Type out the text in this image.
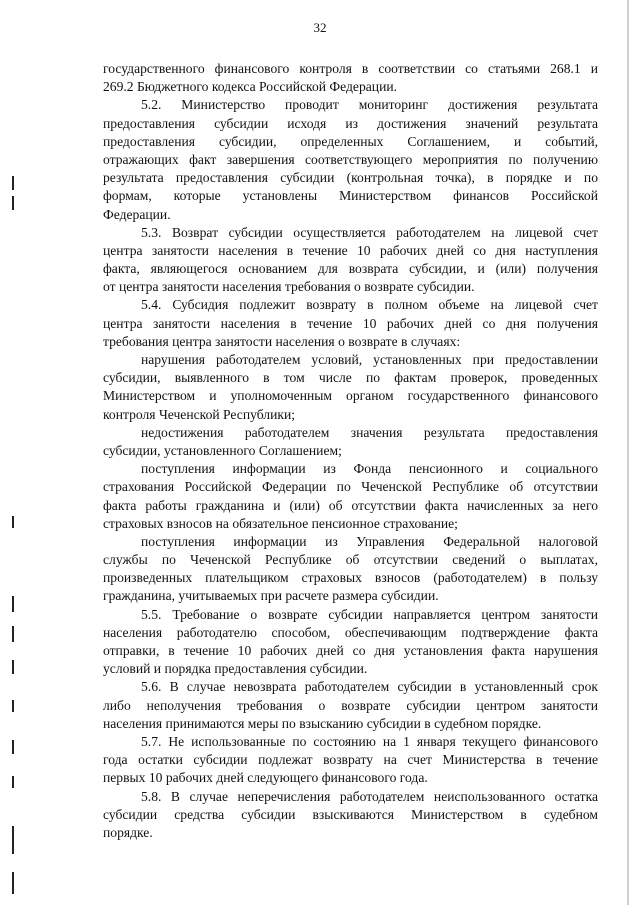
32
государственного финансового контроля в соответствии со статьями 268.1 и
269.2 Бюджетного кодекса Российской Федерации.
5.2. Министерство проводит мониторинг достижения результата
предоставления субсидии исходя из достижения значений результата
предоставления субсидии, определенных Соглашением, и событий,
отражающих факт завершения соответствующего мероприятия по получению
результата предоставления субсидии (контрольная точка), в порядке и по
формам, которые установлены Министерством финансов Российской
Федерации.
5.3. Возврат субсидии осуществляется работодателем на лицевой счет
центра занятости населения в течение 10 рабочих дней со дня наступления
факта, являющегося основанием для возврата субсидии, и (или) получения
от центра занятости населения требования о возврате субсидии.
5.4. Субсидия подлежит возврату в полном объеме на лицевой счет
центра занятости населения в течение 10 рабочих дней со дня получения
требования центра занятости населения о возврате в случаях:
нарушения работодателем условий, установленных при предоставлении
субсидии, выявленного в том числе по фактам проверок, проведенных
Министерством и уполномоченным органом государственного финансового
контроля Чеченской Республики;
недостижения работодателем значения результата предоставления
субсидии, установленного Соглашением;
поступления информации из Фонда пенсионного и социального
страхования Российской Федерации по Чеченской Республике об отсутствии
факта работы гражданина и (или) об отсутствии факта начисленных за него
страховых взносов на обязательное пенсионное страхование;
поступления информации из Управления Федеральной налоговой
службы по Чеченской Республике об отсутствии сведений о выплатах,
произведенных плательщиком страховых взносов (работодателем) в пользу
гражданина, учитываемых при расчете размера субсидии.
5.5. Требование о возврате субсидии направляется центром занятости
населения работодателю способом, обеспечивающим подтверждение факта
отправки, в течение 10 рабочих дней со дня установления факта нарушения
условий и порядка предоставления субсидии.
5.6. В случае невозврата работодателем субсидии в установленный срок
либо неполучения требования о возврате субсидии центром занятости
населения принимаются меры по взысканию субсидии в судебном порядке.
5.7. Не использованные по состоянию на 1 января текущего финансового
года остатки субсидии подлежат возврату на счет Министерства в течение
первых 10 рабочих дней следующего финансового года.
5.8. В случае неперечисления работодателем неиспользованного остатка
субсидии средства субсидии взыскиваются Министерством в судебном
порядке.
